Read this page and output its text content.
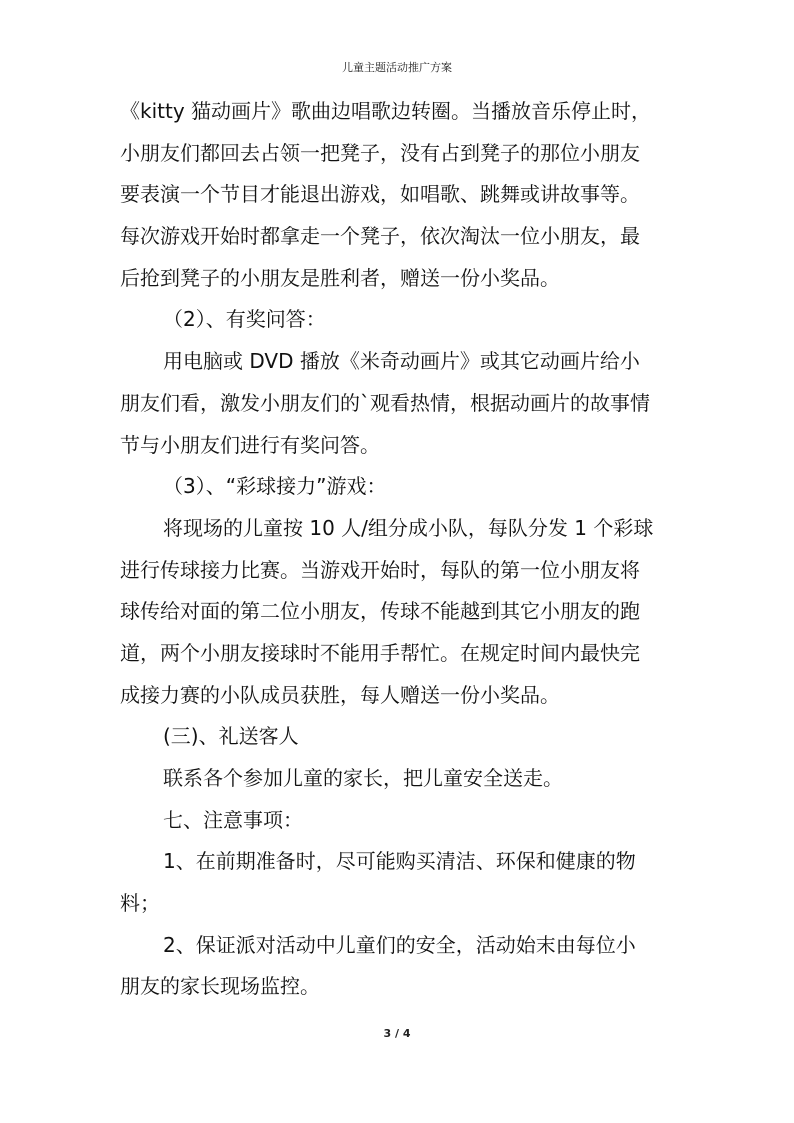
儿童主题活动推广方案
《kitty 猫动画片》歌曲边唱歌边转圈。当播放音乐停止时，
小朋友们都回去占领一把凳子，没有占到凳子的那位小朋友
要表演一个节目才能退出游戏，如唱歌、跳舞或讲故事等。
每次游戏开始时都拿走一个凳子，依次淘汰一位小朋友，最
后抢到凳子的小朋友是胜利者，赠送一份小奖品。
（2）、有奖问答：
用电脑或 DVD 播放《米奇动画片》或其它动画片给小
朋友们看，激发小朋友们的`观看热情，根据动画片的故事情
节与小朋友们进行有奖问答。
（3）、“彩球接力”游戏：
将现场的儿童按 10 人/组分成小队，每队分发 1 个彩球
进行传球接力比赛。当游戏开始时，每队的第一位小朋友将
球传给对面的第二位小朋友，传球不能越到其它小朋友的跑
道，两个小朋友接球时不能用手帮忙。在规定时间内最快完
成接力赛的小队成员获胜，每人赠送一份小奖品。
(三)、礼送客人
联系各个参加儿童的家长，把儿童安全送走。
七、注意事项：
1、在前期准备时，尽可能购买清洁、环保和健康的物
料；
2、保证派对活动中儿童们的安全，活动始末由每位小
朋友的家长现场监控。
3 / 4
